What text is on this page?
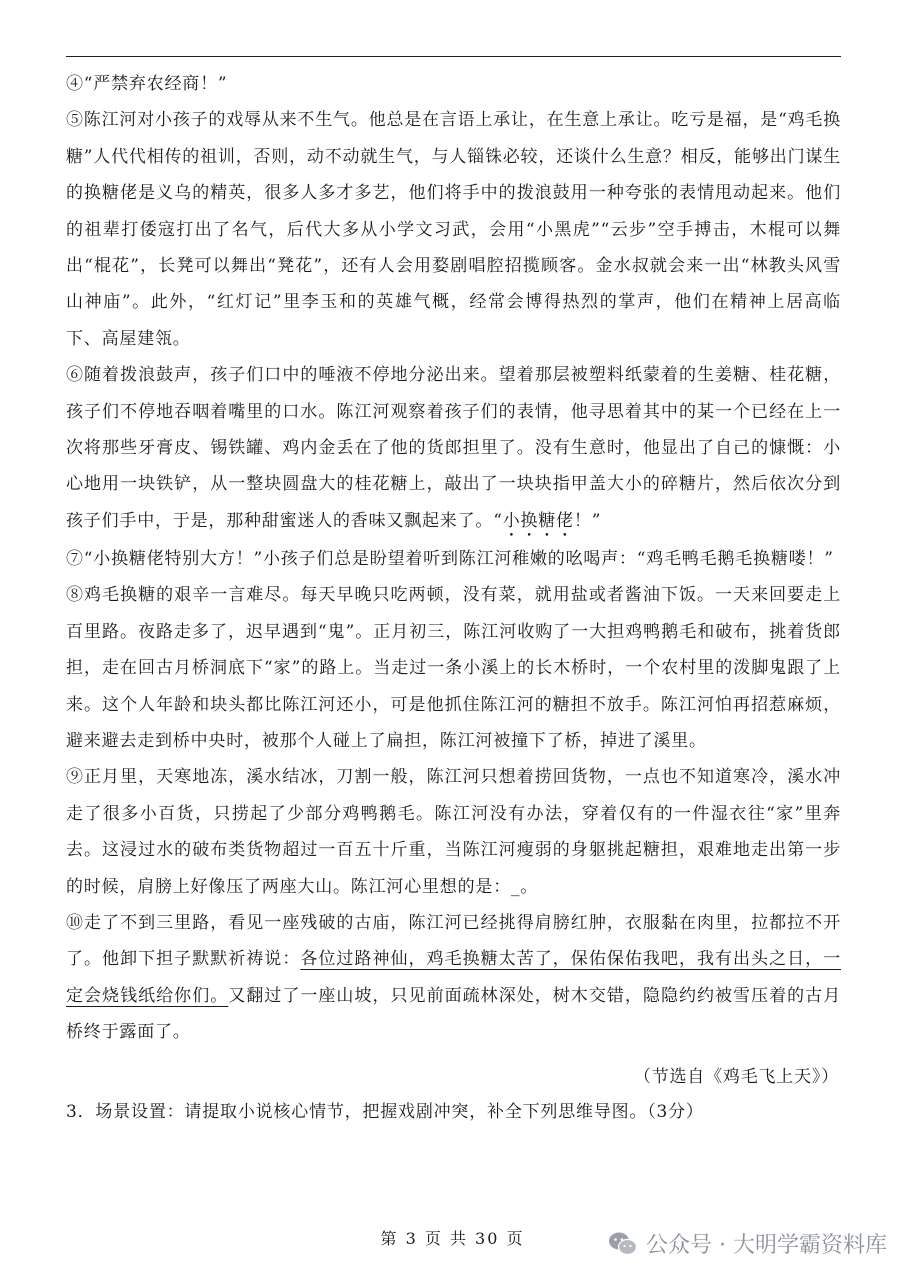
④“严禁弃农经商！”

⑤陈江河对小孩子的戏辱从来不生气。他总是在言语上承让，在生意上承让。吃亏是福，是“鸡毛换糖”人代代相传的祖训，否则，动不动就生气，与人锱铢必较，还谈什么生意？相反，能够出门谋生的换糖佬是义乌的精英，很多人多才多艺，他们将手中的拨浪鼓用一种夸张的表情甩动起来。他们的祖辈打倭寇打出了名气，后代大多从小学文习武，会用“小黑虎”“云步”空手搏击，木棍可以舞出“棍花”，长凳可以舞出“凳花”，还有人会用婺剧唱腔招揽顾客。金水叔就会来一出“林教头风雪山神庙”。此外，“红灯记”里李玉和的英雄气概，经常会博得热烈的掌声，他们在精神上居高临下、高屋建瓴。

⑥随着拨浪鼓声，孩子们口中的唾液不停地分泌出来。望着那层被塑料纸蒙着的生姜糖、桂花糖，孩子们不停地吞咽着嘴里的口水。陈江河观察着孩子们的表情，他寻思着其中的某一个已经在上一次将那些牙膏皮、锡铁罐、鸡内金丢在了他的货郎担里了。没有生意时，他显出了自己的慷慨：小心地用一块铁铲，从一整块圆盘大的桂花糖上，敲出了一块块指甲盖大小的碎糖片，然后依次分到孩子们手中，于是，那种甜蜜迷人的香味又飘起来了。“小换糖佬！”

⑦“小换糖佬特别大方！”小孩子们总是盼望着听到陈江河稚嫩的吆喝声：“鸡毛鸭毛鹅毛换糖喽！”

⑧鸡毛换糖的艰辛一言难尽。每天早晚只吃两顿，没有菜，就用盐或者酱油下饭。一天来回要走上百里路。夜路走多了，迟早遇到“鬼”。正月初三，陈江河收购了一大担鸡鸭鹅毛和破布，挑着货郎担，走在回古月桥洞底下“家”的路上。当走过一条小溪上的长木桥时，一个农村里的泼脚鬼跟了上来。这个人年龄和块头都比陈江河还小，可是他抓住陈江河的糖担不放手。陈江河怕再招惹麻烦，避来避去走到桥中央时，被那个人碰上了扁担，陈江河被撞下了桥，掉进了溪里。

⑨正月里，天寒地冻，溪水结冰，刀割一般，陈江河只想着捞回货物，一点也不知道寒冷，溪水冲走了很多小百货，只捞起了少部分鸡鸭鹅毛。陈江河没有办法，穿着仅有的一件湿衣往“家”里奔去。这浸过水的破布类货物超过一百五十斤重，当陈江河瘦弱的身躯挑起糖担，艰难地走出第一步的时候，肩膀上好像压了两座大山。陈江河心里想的是：_。

⑩走了不到三里路，看见一座残破的古庙，陈江河已经挑得肩膀红肿，衣服黏在肉里，拉都拉不开了。他卸下担子默默祈祷说：各位过路神仙，鸡毛换糖太苦了，保佑保佑我吧，我有出头之日，一定会烧钱纸给你们。又翻过了一座山坡，只见前面疏林深处，树木交错，隐隐约约被雪压着的古月桥终于露面了。

（节选自《鸡毛飞上天》）
3．场景设置：请提取小说核心情节，把握戏剧冲突，补全下列思维导图。（3分）
第 3 页 共 30 页	公众号 · 大明学霸资料库
